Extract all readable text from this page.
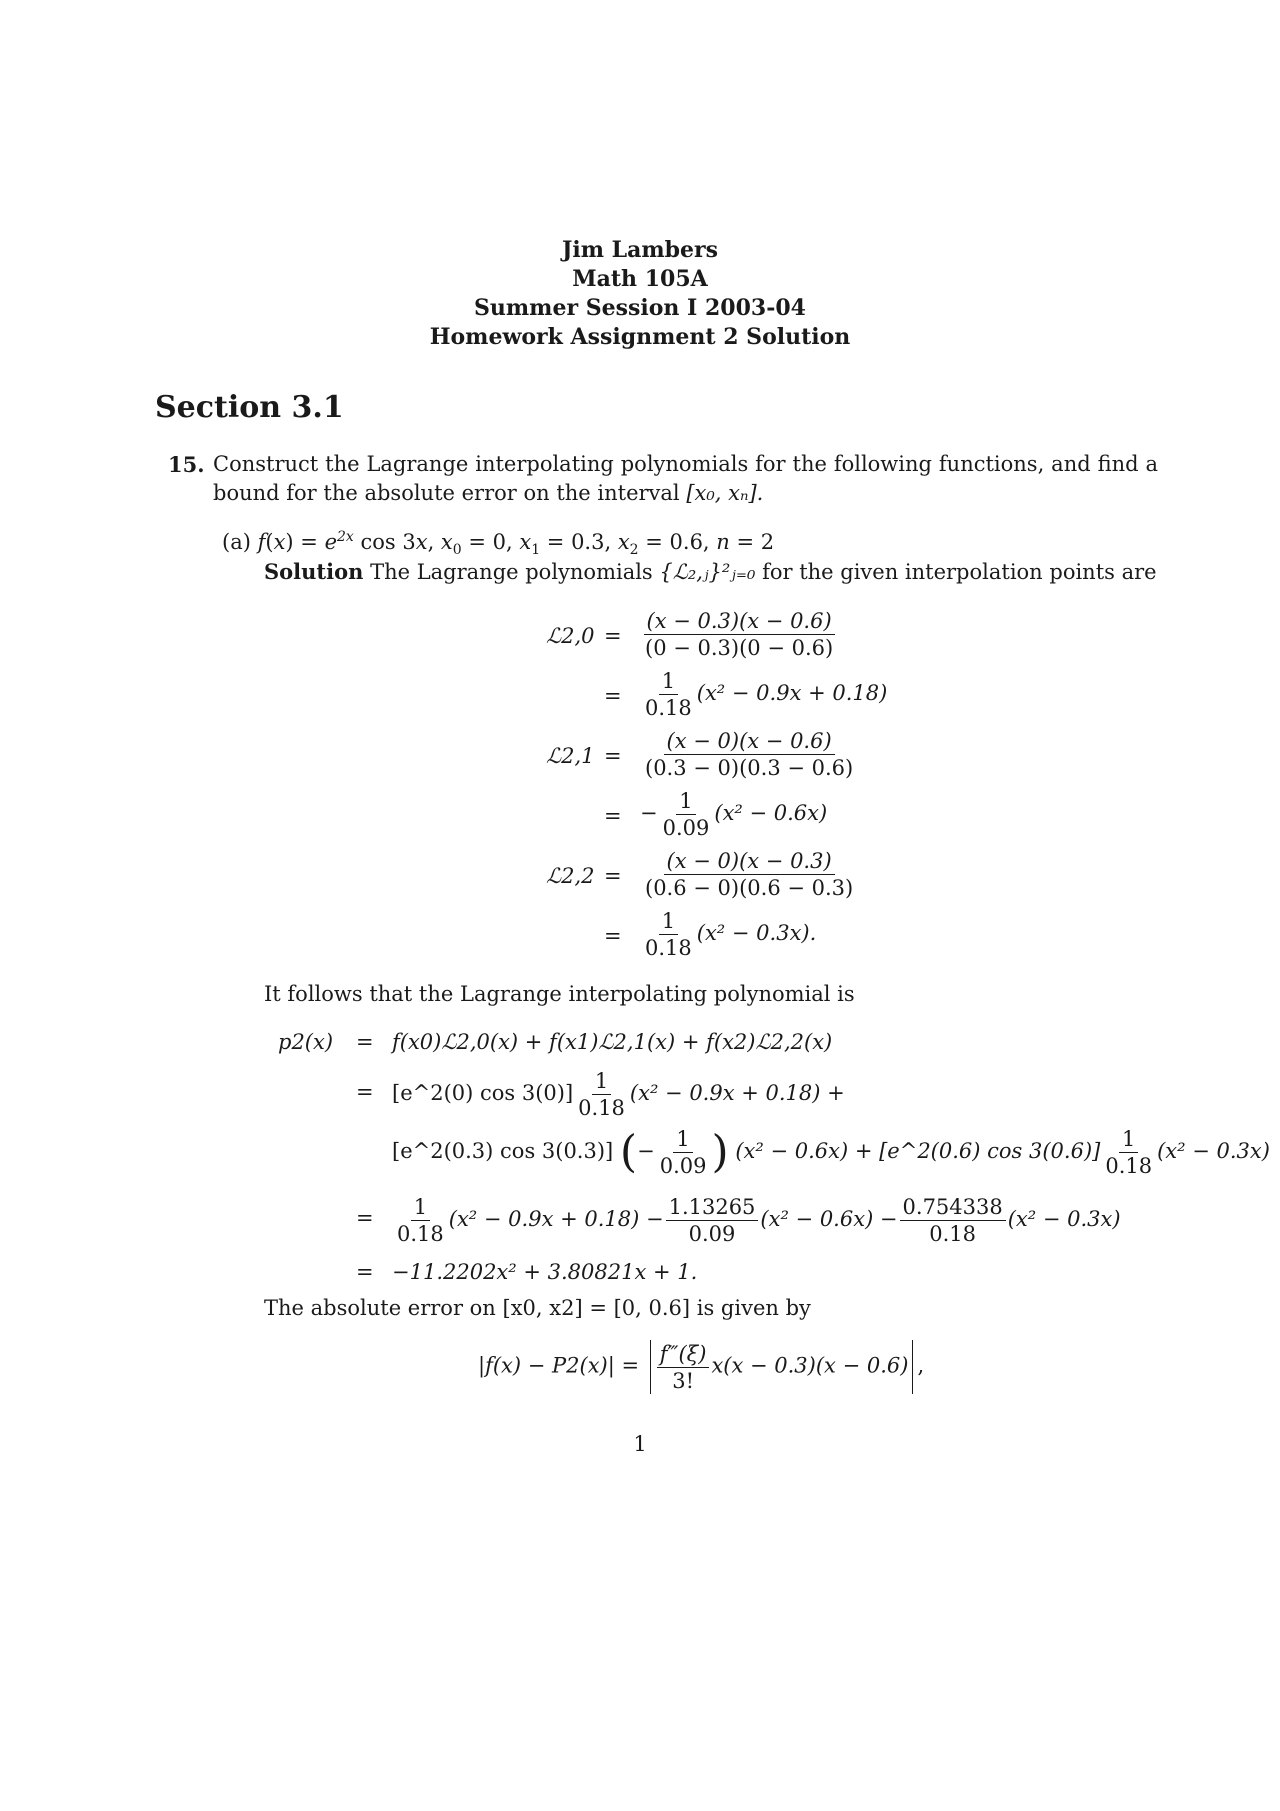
Jim Lambers
Math 105A
Summer Session I 2003-04
Homework Assignment 2 Solution
Section 3.1
15. Construct the Lagrange interpolating polynomials for the following functions, and find a bound for the absolute error on the interval [x₀, xₙ].
(a) $f(x) = e^{2x}$ cos 3x, $x_0 = 0$, $x_1 = 0.3$, $x_2 = 0.6$, n = 2
Solution The Lagrange polynomials {ℒ₂,ⱼ}²ⱼ₌₀ for the given interpolation points are
ℒ2,0 = $\frac{(x - 0.3)(x - 0.6)}{(0 - 0.3)(0 - 0.6)}$
= $\frac{1}{0.18} (x^2 - 0.9x + 0.18)$
ℒ2,1 = $\frac{(x - 0)(x - 0.6)}{(0.3 - 0)(0.3 - 0.6)}$
= − $\frac{1}{0.09} (x^2 - 0.6x)$
ℒ2,2 = $\frac{(x - 0)(x - 0.3)}{(0.6 - 0)(0.6 - 0.3)}$
= $\frac{1}{0.18} (x^2 - 0.3x)$.
It follows that the Lagrange interpolating polynomial is
p2(x) = f(x0)ℒ2,0(x) + f(x1)ℒ2,1(x) + f(x2)ℒ2,2(x)
= [e^2(0) $\cos 3(0)] \frac{1}{0.18} (x^2 - 0.9x + 0.18)$ +
[e^2(0.3) cos 3(0.3)] (− $\frac{1}{0.09}$ ) (x² − 0.6x) + [e^2(0.6) $\cos 3(0.6)] \frac{1}{0.18} (x^2 - 0.3x)$
= $\frac{1}{0.18} (x^2 - 0.9x + 0.18) - \frac{1.13265}{0.09} (x^2 - 0.6x) - \frac{0.754338}{0.18} (x^2 - 0.3x)$
= −11.2202x² + 3.80821x + 1.
The absolute error on [x0, x2] = [0, 0.6] is given by
$|f(x) - P2(x)| = \frac{f‴(\xi)}{3!} x(x - 0.3)(x - 0.6)$ ,
1
